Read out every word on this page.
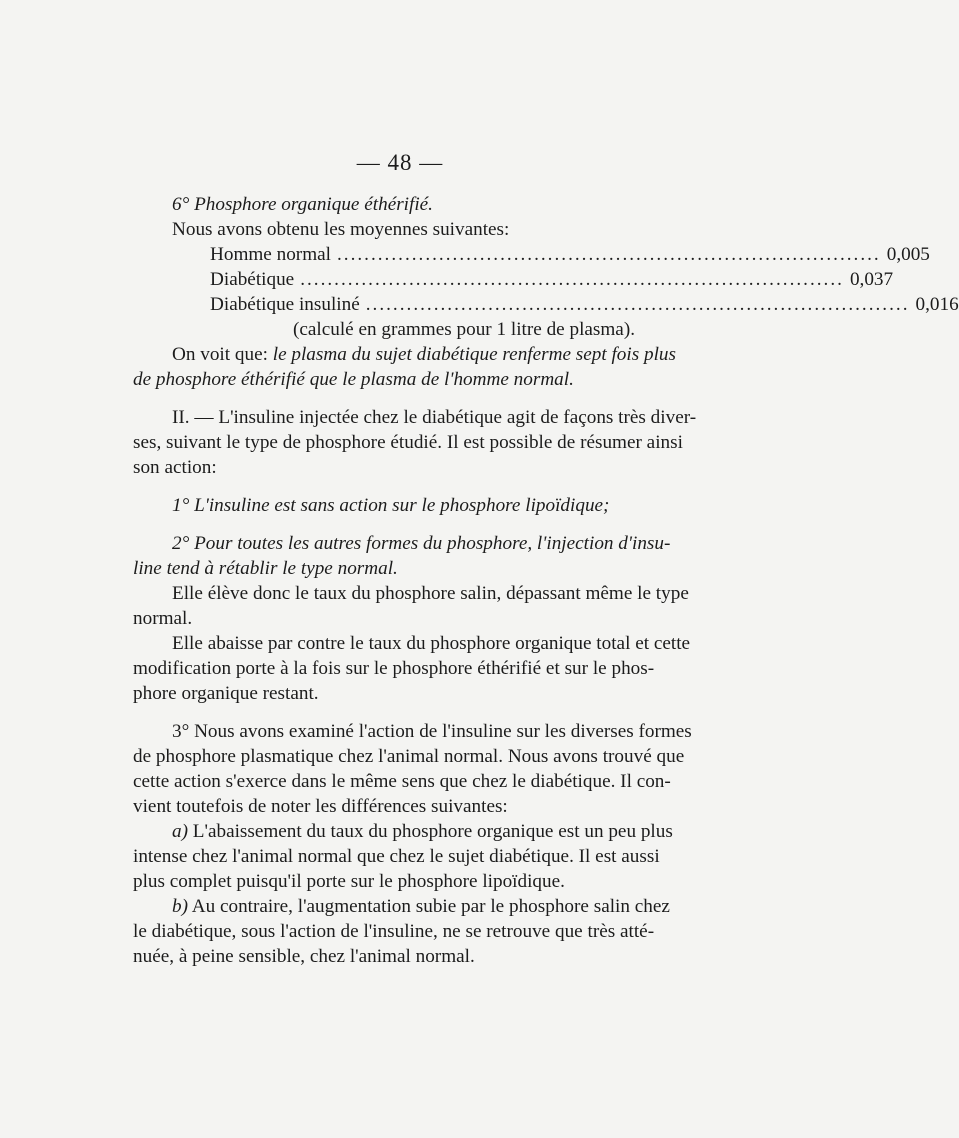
— 48 —
6° Phosphore organique éthérifié.
Nous avons obtenu les moyennes suivantes:
Homme normal ................................................................................ 0,005
Diabétique ................................................................................ 0,037
Diabétique insuliné ................................................................................ 0,016
(calculé en grammes pour 1 litre de plasma).
On voit que: le plasma du sujet diabétique renferme sept fois plus
de phosphore éthérifié que le plasma de l'homme normal.
II. — L'insuline injectée chez le diabétique agit de façons très diver-
ses, suivant le type de phosphore étudié. Il est possible de résumer ainsi
son action:
1° L'insuline est sans action sur le phosphore lipoïdique;
2° Pour toutes les autres formes du phosphore, l'injection d'insu-
line tend à rétablir le type normal.
Elle élève donc le taux du phosphore salin, dépassant même le type
normal.
Elle abaisse par contre le taux du phosphore organique total et cette
modification porte à la fois sur le phosphore éthérifié et sur le phos-
phore organique restant.
3° Nous avons examiné l'action de l'insuline sur les diverses formes
de phosphore plasmatique chez l'animal normal. Nous avons trouvé que
cette action s'exerce dans le même sens que chez le diabétique. Il con-
vient toutefois de noter les différences suivantes:
a) L'abaissement du taux du phosphore organique est un peu plus
intense chez l'animal normal que chez le sujet diabétique. Il est aussi
plus complet puisqu'il porte sur le phosphore lipoïdique.
b) Au contraire, l'augmentation subie par le phosphore salin chez
le diabétique, sous l'action de l'insuline, ne se retrouve que très atté-
nuée, à peine sensible, chez l'animal normal.
